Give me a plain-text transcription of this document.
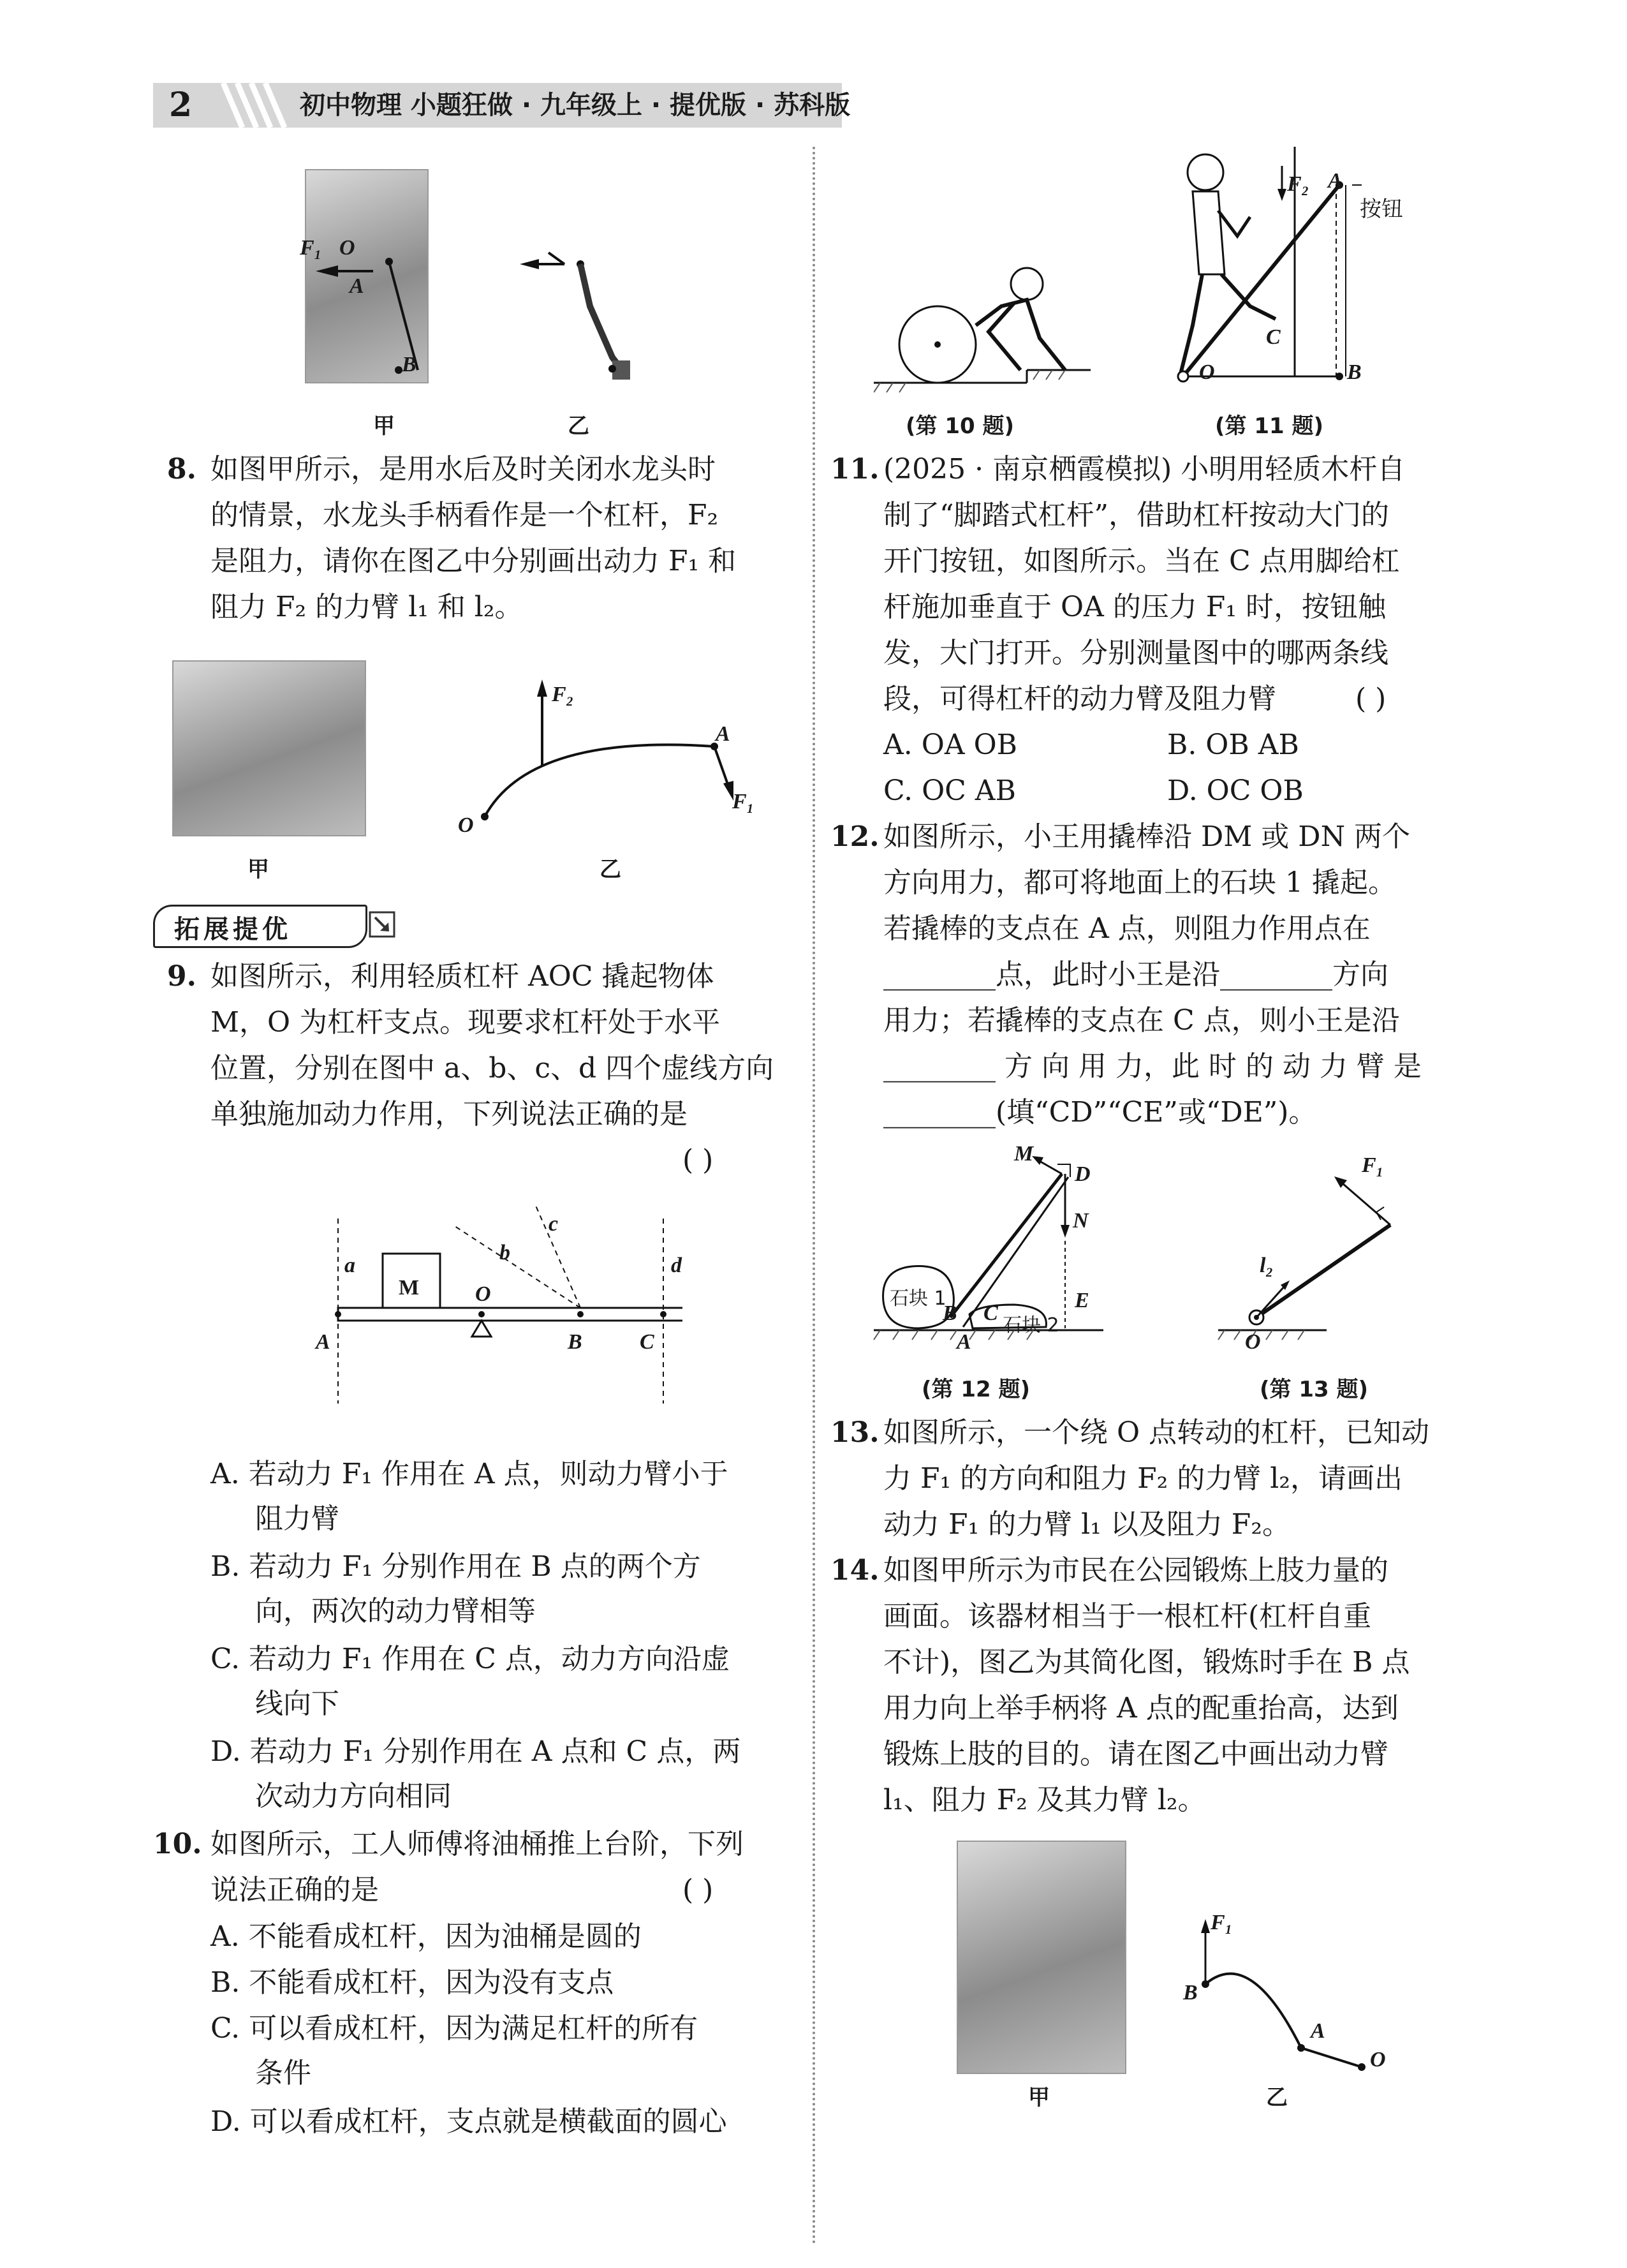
2	初中物理 小题狂做 · 九年级上 · 提优版 · 苏科版
F₁ O
A
B
甲	乙
8. 如图甲所示，是用水后及时关闭水龙头时
的情景，水龙头手柄看作是一个杠杆，F₂
是阻力，请你在图乙中分别画出动力 F₁ 和
阻力 F₂ 的力臂 l₁ 和 l₂。
F₂
A
F₁
O
甲	乙
拓展提优
9. 如图所示，利用轻质杠杆 AOC 撬起物体
M，O 为杠杆支点。现要求杠杆处于水平
位置，分别在图中 a、b、c、d 四个虚线方向
单独施加动力作用，下列说法正确的是
( )
a
b
c
d
M	O
A	B	C
A. 若动力 F₁ 作用在 A 点，则动力臂小于
阻力臂
B. 若动力 F₁ 分别作用在 B 点的两个方
向，两次的动力臂相等
C. 若动力 F₁ 作用在 C 点，动力方向沿虚
线向下
D. 若动力 F₁ 分别作用在 A 点和 C 点，两
次动力方向相同
10. 如图所示，工人师傅将油桶推上台阶，下列
说法正确的是	( )
A. 不能看成杠杆，因为油桶是圆的
B. 不能看成杠杆，因为没有支点
C. 可以看成杠杆，因为满足杠杆的所有
条件
D. 可以看成杠杆，支点就是横截面的圆心
(第 10 题)
F₂ A
按钮
C
O	B
(第 11 题)
11. (2025 · 南京栖霞模拟) 小明用轻质木杆自
制了“脚踏式杠杆”，借助杠杆按动大门的
开门按钮，如图所示。当在 C 点用脚给杠
杆施加垂直于 OA 的压力 F₁ 时，按钮触
发，大门打开。分别测量图中的哪两条线
段，可得杠杆的动力臂及阻力臂	( )
A. OA OB	B. OB AB
C. OC AB	D. OC OB
12. 如图所示，小王用撬棒沿 DM 或 DN 两个
方向用力，都可将地面上的石块 1 撬起。
若撬棒的支点在 A 点，则阻力作用点在
________点，此时小王是沿________方向
用力；若撬棒的支点在 C 点，则小王是沿
________ 方 向 用 力，此 时 的 动 力 臂 是
________(填“CD”“CE”或“DE”)。
M
D
N
石块 1
石块 2
B C
E
A
(第 12 题)
F₁
l₂
O
(第 13 题)
13. 如图所示，一个绕 O 点转动的杠杆，已知动
力 F₁ 的方向和阻力 F₂ 的力臂 l₂，请画出
动力 F₁ 的力臂 l₁ 以及阻力 F₂。
14. 如图甲所示为市民在公园锻炼上肢力量的
画面。该器材相当于一根杠杆(杠杆自重
不计)，图乙为其简化图，锻炼时手在 B 点
用力向上举手柄将 A 点的配重抬高，达到
锻炼上肢的目的。请在图乙中画出动力臂
l₁、阻力 F₂ 及其力臂 l₂。
F₁
B
A
O
甲	乙
